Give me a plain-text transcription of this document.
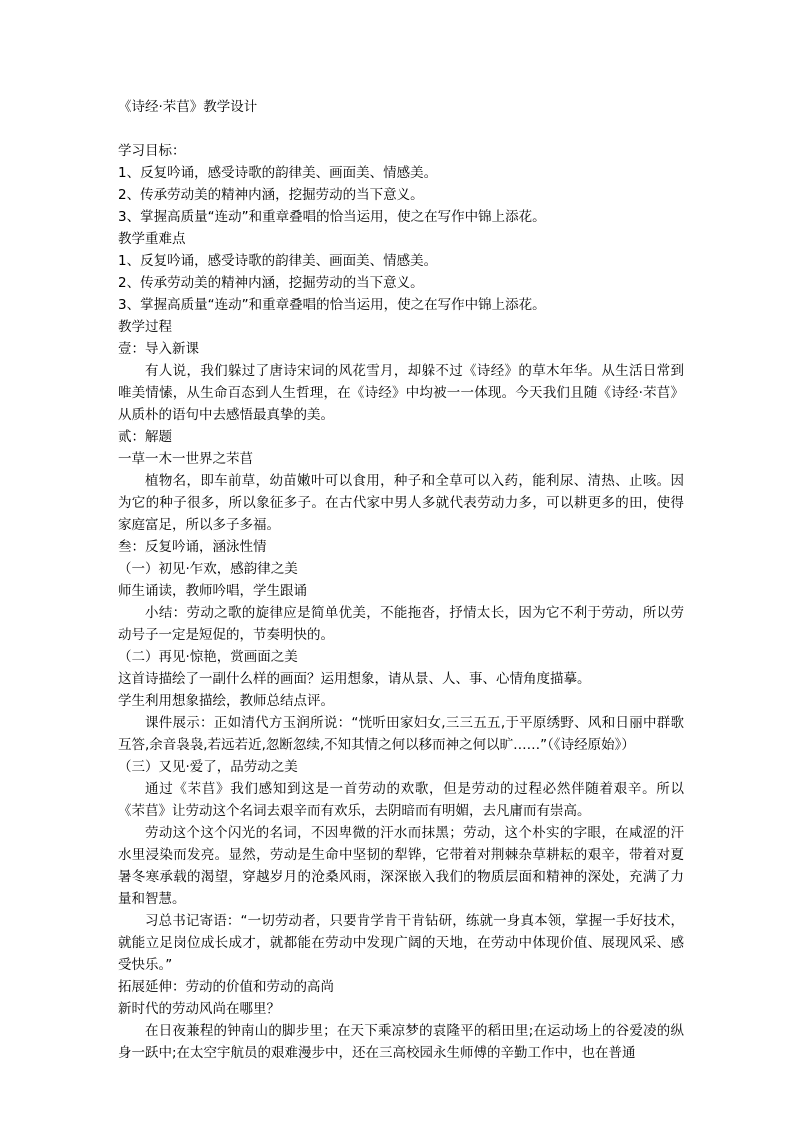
《诗经·芣苢》教学设计
学习目标：
1、反复吟诵，感受诗歌的韵律美、画面美、情感美。
2、传承劳动美的精神内涵，挖掘劳动的当下意义。
3、掌握高质量“连动”和重章叠唱的恰当运用，使之在写作中锦上添花。
教学重难点
1、反复吟诵，感受诗歌的韵律美、画面美、情感美。
2、传承劳动美的精神内涵，挖掘劳动的当下意义。
3、掌握高质量“连动”和重章叠唱的恰当运用，使之在写作中锦上添花。
教学过程
壹：导入新课
有人说，我们躲过了唐诗宋词的风花雪月，却躲不过《诗经》的草木年华。从生活日常到唯美情愫，从生命百态到人生哲理，在《诗经》中均被一一体现。今天我们且随《诗经·芣苢》从质朴的语句中去感悟最真挚的美。
贰：解题
一草一木一世界之芣苢
植物名，即车前草，幼苗嫩叶可以食用，种子和全草可以入药，能利尿、清热、止咳。因为它的种子很多，所以象征多子。在古代家中男人多就代表劳动力多，可以耕更多的田，使得家庭富足，所以多子多福。
叁：反复吟诵，涵泳性情
（一）初见·乍欢，感韵律之美
师生诵读，教师吟唱，学生跟诵
小结：劳动之歌的旋律应是简单优美，不能拖沓，抒情太长，因为它不利于劳动，所以劳动号子一定是短促的，节奏明快的。
（二）再见·惊艳，赏画面之美
这首诗描绘了一副什么样的画面？运用想象，请从景、人、事、心情角度描摹。
学生利用想象描绘，教师总结点评。
课件展示：正如清代方玉润所说：“恍听田家妇女,三三五五,于平原绣野、风和日丽中群歌互答,余音袅袅,若远若近,忽断忽续,不知其情之何以移而神之何以旷……”（《诗经原始》）
（三）又见·爱了，品劳动之美
通过《芣苢》我们感知到这是一首劳动的欢歌，但是劳动的过程必然伴随着艰辛。所以《芣苢》让劳动这个名词去艰辛而有欢乐，去阴暗而有明媚，去凡庸而有崇高。
劳动这个这个闪光的名词，不因卑微的汗水而抹黑；劳动，这个朴实的字眼，在咸涩的汗水里浸染而发亮。显然，劳动是生命中坚韧的犁铧，它带着对荆棘杂草耕耘的艰辛，带着对夏暑冬寒承载的渴望，穿越岁月的沧桑风雨，深深嵌入我们的物质层面和精神的深处，充满了力量和智慧。
习总书记寄语：“一切劳动者，只要肯学肯干肯钻研，练就一身真本领，掌握一手好技术，就能立足岗位成长成才，就都能在劳动中发现广阔的天地，在劳动中体现价值、展现风采、感受快乐。”
拓展延伸：劳动的价值和劳动的高尚
新时代的劳动风尚在哪里？
在日夜兼程的钟南山的脚步里；在天下乘凉梦的袁隆平的稻田里;在运动场上的谷爱凌的纵身一跃中;在太空宇航员的艰难漫步中，还在三高校园永生师傅的辛勤工作中，也在普通
